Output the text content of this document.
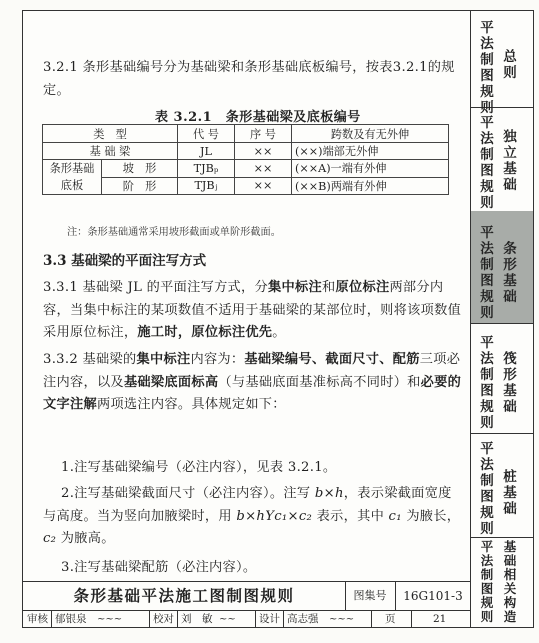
3.2.1 条形基础编号分为基础梁和条形基础底板编号，按表3.2.1的规定。
表 3.2.1　条形基础梁及底板编号
类　型		代 号	序 号	跨数及有无外伸
基 础 梁		JL	××	(××)端部无外伸
条形基础底板	坡　形	TJBₚ	××	(××A)一端有外伸
	阶　形	TJBⱼ	××	(××B)两端有外伸
注：条形基础通常采用坡形截面或单阶形截面。
3.3 基础梁的平面注写方式
3.3.1 基础梁 JL 的平面注写方式，分集中标注和原位标注两部分内容，当集中标注的某项数值不适用于基础梁的某部位时，则将该项数值采用原位标注，施工时，原位标注优先。
3.3.2 基础梁的集中标注内容为：基础梁编号、截面尺寸、配筋三项必注内容，以及基础梁底面标高（与基础底面基准标高不同时）和必要的文字注解两项选注内容。具体规定如下：
1.注写基础梁编号（必注内容），见表 3.2.1。
2.注写基础梁截面尺寸（必注内容）。注写 b×h，表示梁截面宽度与高度。当为竖向加腋梁时，用 b×hYc₁×c₂ 表示，其中 c₁ 为腋长，c₂ 为腋高。
3.注写基础梁配筋（必注内容）。
条形基础平法施工图制图规则	图集号	16G101-3
审核 郁银泉 ~~~	校对 刘　敏 ~~ 设计 高志强 ~~~	页	21
平法制图规则
总则
平法制图规则
独立基础
平法制图规则
条形基础
平法制图规则
筏形基础
平法制图规则
桩基础
平法制图规则
基础相关构造
